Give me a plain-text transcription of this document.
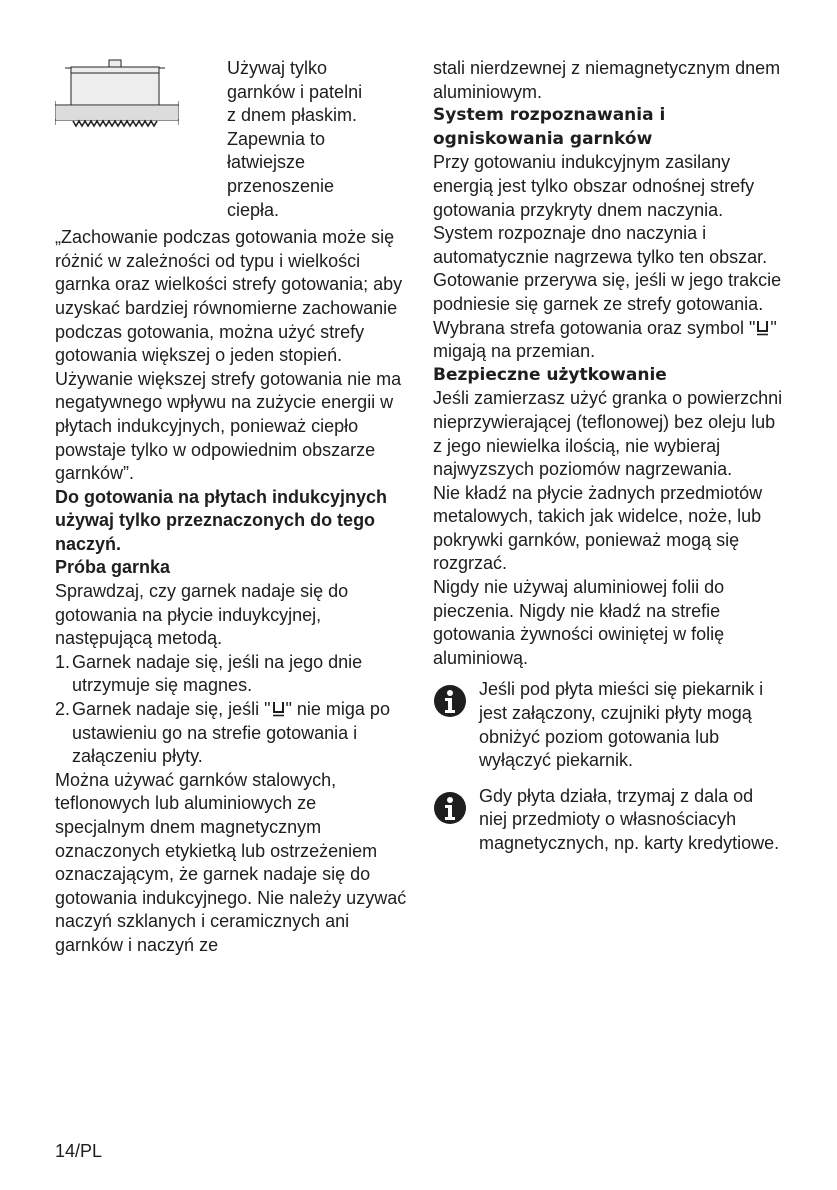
Używaj tylko

garnków i patelni

z dnem płaskim.

Zapewnia to

łatwiejsze

przenoszenie

ciepła.

„Zachowanie podczas gotowania może się różnić w zależności od typu i wielkości garnka oraz wielkości strefy gotowania; aby uzyskać bardziej równomierne zachowanie podczas gotowania, można użyć strefy gotowania większej o jeden stopień. Używanie większej strefy gotowania nie ma negatywnego wpływu na zużycie energii w płytach indukcyjnych, ponieważ ciepło powstaje tylko w odpowiednim obszarze garnków”.

Do gotowania na płytach indukcyjnych używaj tylko przeznaczonych do tego naczyń.

Próba garnka

Sprawdzaj, czy garnek nadaje się do gotowania na płycie induykcyjnej, następującą metodą.

1. Garnek nadaje się, jeśli na jego dnie utrzymuje się magnes.
2. Garnek nadaje się, jeśli " " nie miga po ustawieniu go na strefie gotowania i załączeniu płyty.

Można używać garnków stalowych, teflonowych lub aluminiowych ze specjalnym dnem magnetycznym oznaczonych etykietką lub ostrzeżeniem oznaczającym, że garnek nadaje się do gotowania indukcyjnego. Nie należy uzywać naczyń szklanych i ceramicznych ani garnków i naczyń ze

stali nierdzewnej z niemagnetycznym dnem aluminiowym.

System rozpoznawania i ogniskowania garnków

Przy gotowaniu indukcyjnym zasilany energią jest tylko obszar odnośnej strefy gotowania przykryty dnem naczynia. System rozpoznaje dno naczynia i automatycznie nagrzewa tylko ten obszar. Gotowanie przerywa się, jeśli w jego trakcie podniesie się garnek ze strefy gotowania. Wybrana strefa gotowania oraz symbol " " migają na przemian.

Bezpieczne użytkowanie

Jeśli zamierzasz użyć granka o powierzchni nieprzywierającej (teflonowej) bez oleju lub z jego niewielka ilością, nie wybieraj najwyzszych poziomów nagrzewania.

Nie kładź na płycie żadnych przedmiotów metalowych, takich jak widelce, noże, lub pokrywki garnków, ponieważ mogą się rozgrzać.

Nigdy nie używaj aluminiowej folii do pieczenia. Nigdy nie kładź na strefie gotowania żywności owiniętej w folię aluminiową.

Jeśli pod płyta mieści się piekarnik i jest załączony, czujniki płyty mogą obniżyć poziom gotowania lub wyłączyć piekarnik.

Gdy płyta działa, trzymaj z dala od niej przedmioty o własnościacyh magnetycznych, np. karty kredytiowe.

14/PL
